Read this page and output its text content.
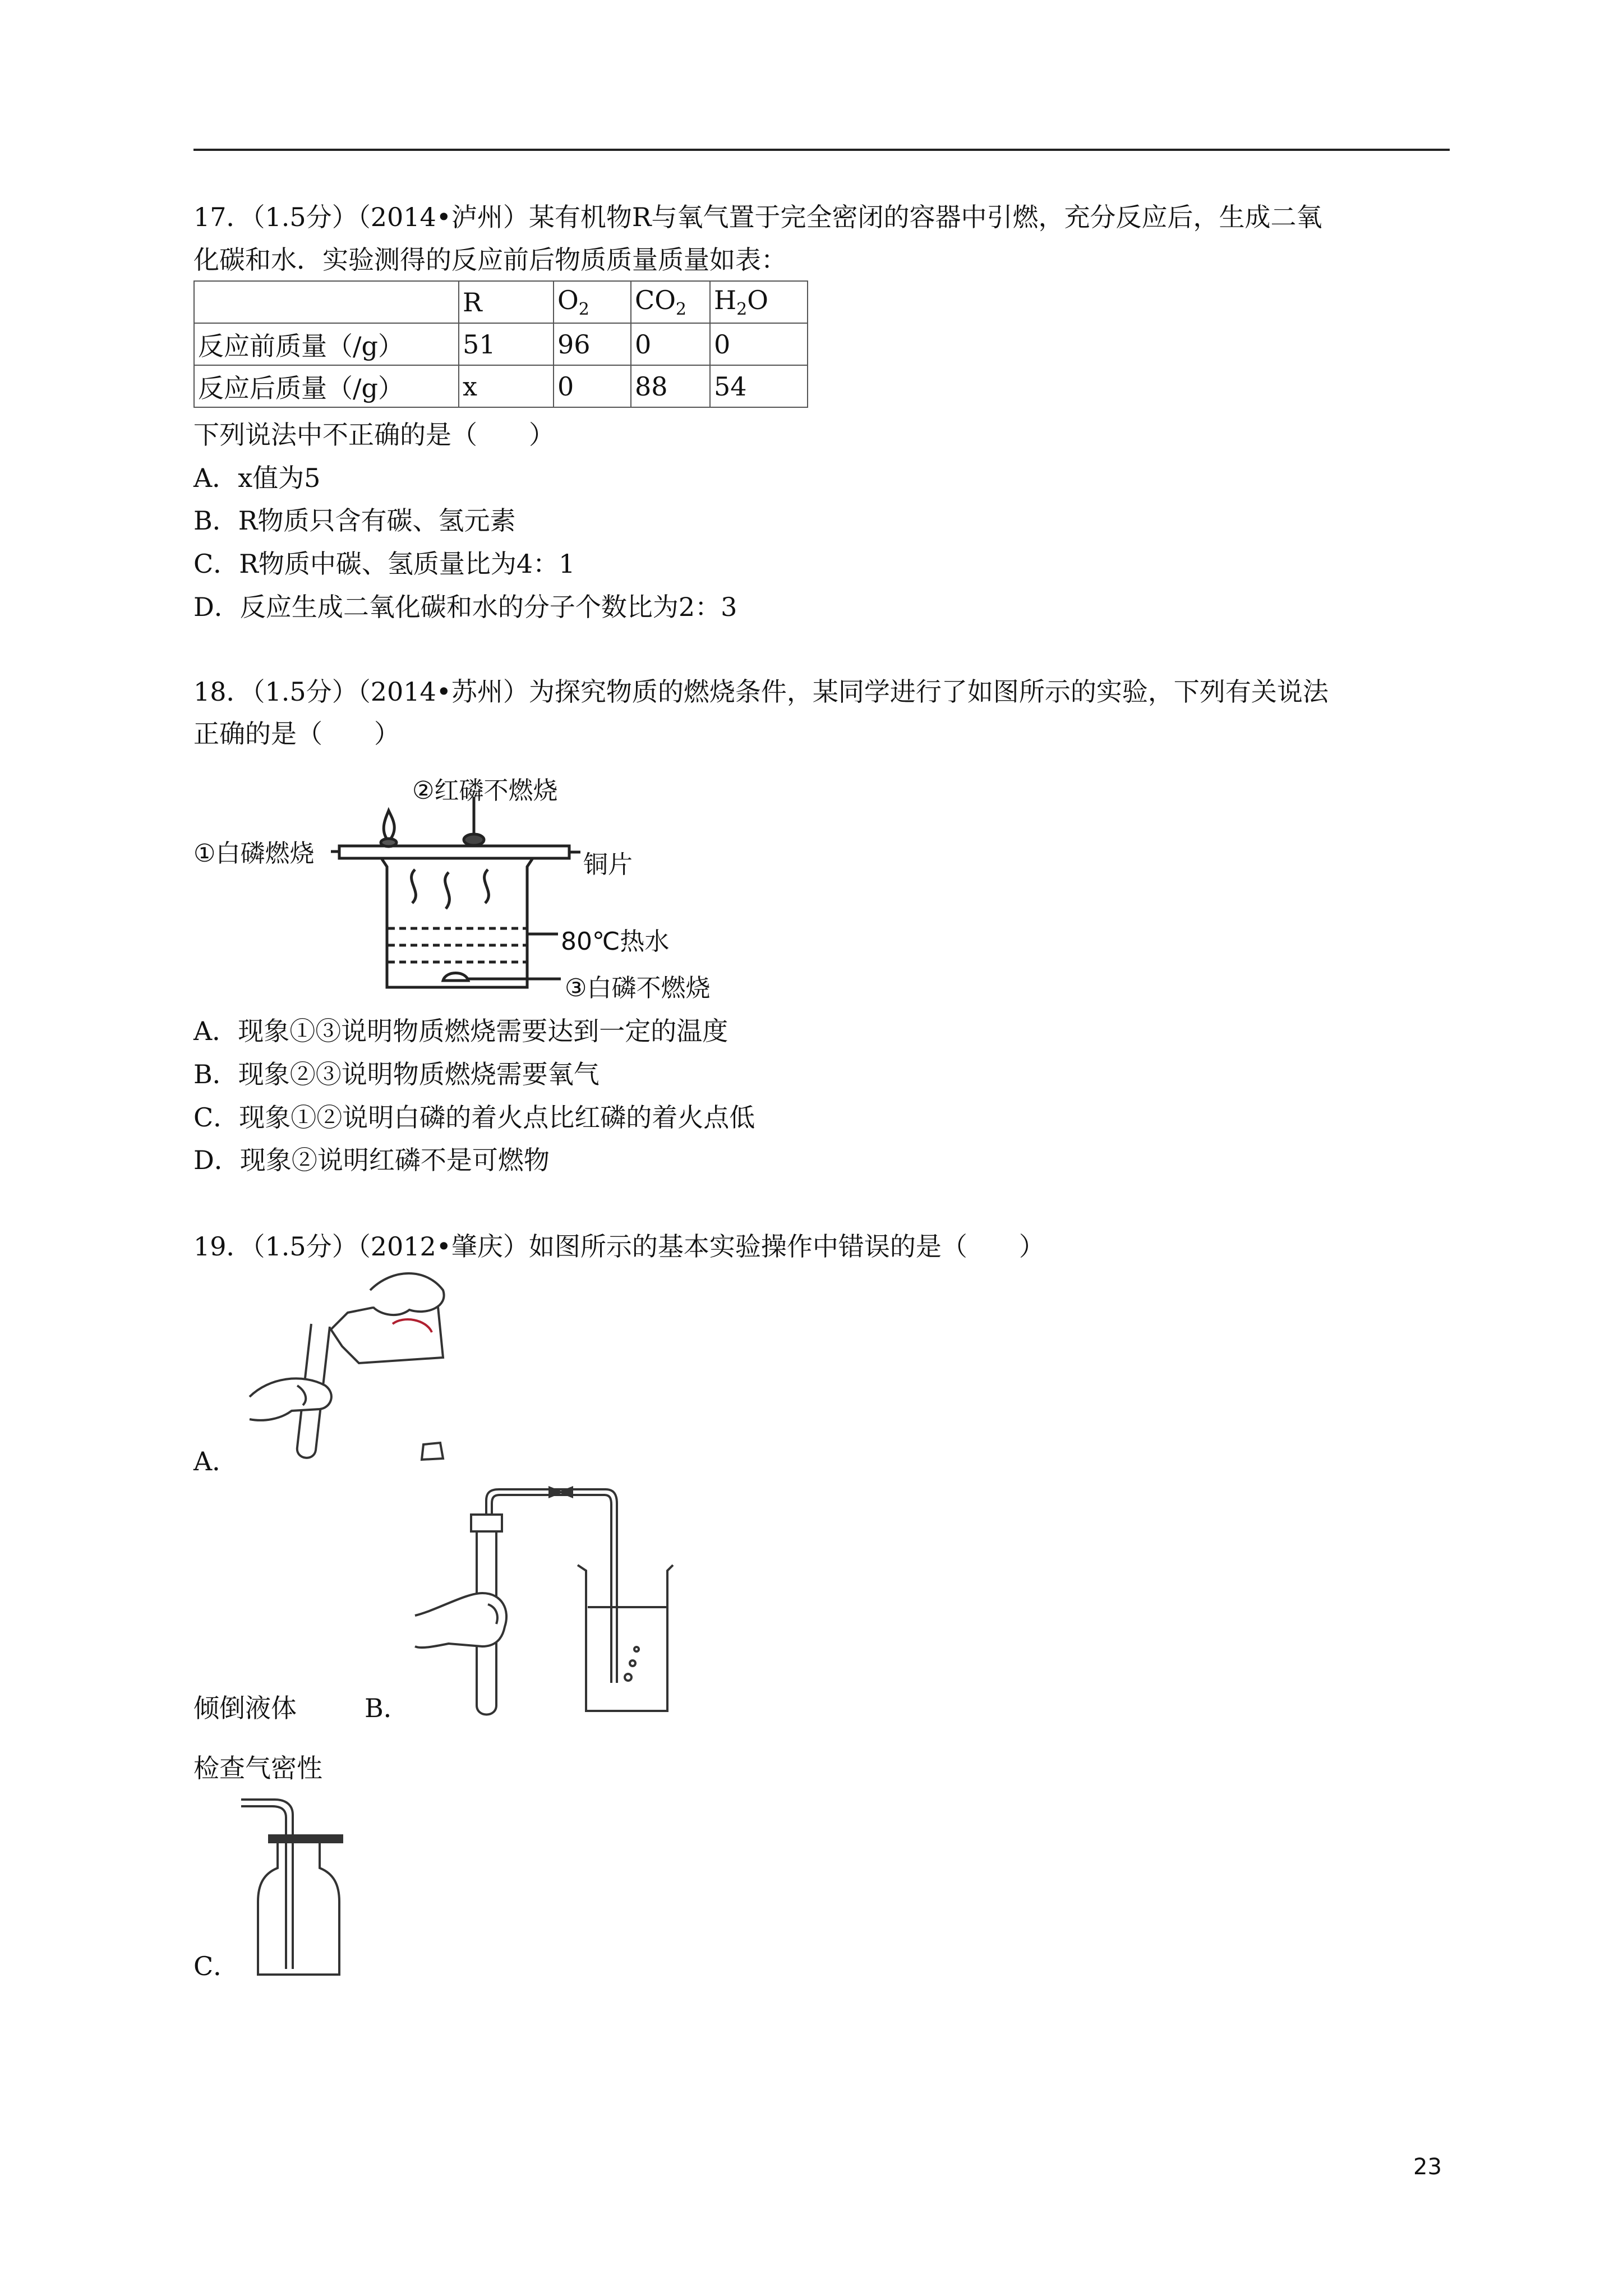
17．（1.5分）（2014•泸州）某有机物R与氧气置于完全密闭的容器中引燃，充分反应后，生成二氧
化碳和水．实验测得的反应前后物质质量质量如表：
	R	$O_2$	$CO_2$	$H_2O$
反应前质量（/g）	51	96	0	0
反应后质量（/g）	x	0	88	54
下列说法中不正确的是（　　）
A．x值为5
B．R物质只含有碳、氢元素
C．R物质中碳、氢质量比为4：1
D．反应生成二氧化碳和水的分子个数比为2：3
18．（1.5分）（2014•苏州）为探究物质的燃烧条件，某同学进行了如图所示的实验，下列有关说法
正确的是（　　）
②红磷不燃烧
①白磷燃烧	铜片
80℃热水
③白磷不燃烧
A．现象①③说明物质燃烧需要达到一定的温度
B．现象②③说明物质燃烧需要氧气
C．现象①②说明白磷的着火点比红磷的着火点低
D．现象②说明红磷不是可燃物
19．（1.5分）（2012•肇庆）如图所示的基本实验操作中错误的是（　　）
A．
倾倒液体	B．
检查气密性
C．
23
